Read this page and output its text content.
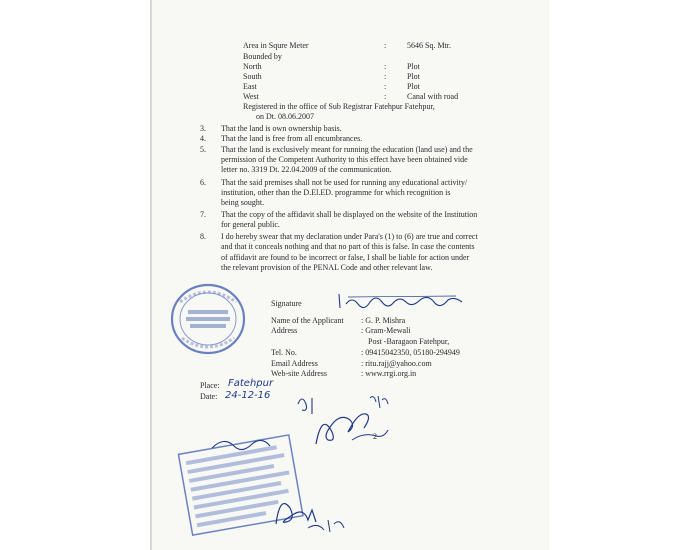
Area in Squre Meter	:	5646 Sq. Mtr.
Bounded by
North	:	Plot
South	:	Plot
East	:	Plot
West	:	Canal with road
Registered in the office of Sub Registrar Fatehpur Fatehpur,
on Dt. 08.06.2007
3. That the land is own ownership basis.
4. That the land is free from all encumbrances.
5. That the land is exclusively meant for running the education (land use) and the
permission of the Competent Authority to this effect have been obtained vide
letter no. 3319 Dt. 22.04.2009 of the communication.
6. That the said premises shall not be used for running any educational activity/
institution, other than the D.El.ED. programme for which recognition is
being sought.
7. That the copy of the affidavit shall be displayed on the website of the Institution
for general public.
8. I do hereby swear that my declaration under Para's (1) to (6) are true and correct
and that it conceals nothing and that no part of this is false. In case the contents
of affidavit are found to be incorrect or false, I shall be liable for action under
the relevant provision of the PENAL Code and other relevant law.
Signature
Name of the Applicant : G. P. Mishra
Address	: Gram-Mewali
Post -Baragaon Fatehpur,
Tel. No.	: 09415042350, 05180-294949
Email Address	: ritu.rajj@yahoo.com
Web-site Address	: www.rrgi.org.in
Place: Fatehpur
Date: 24-12-16
2
